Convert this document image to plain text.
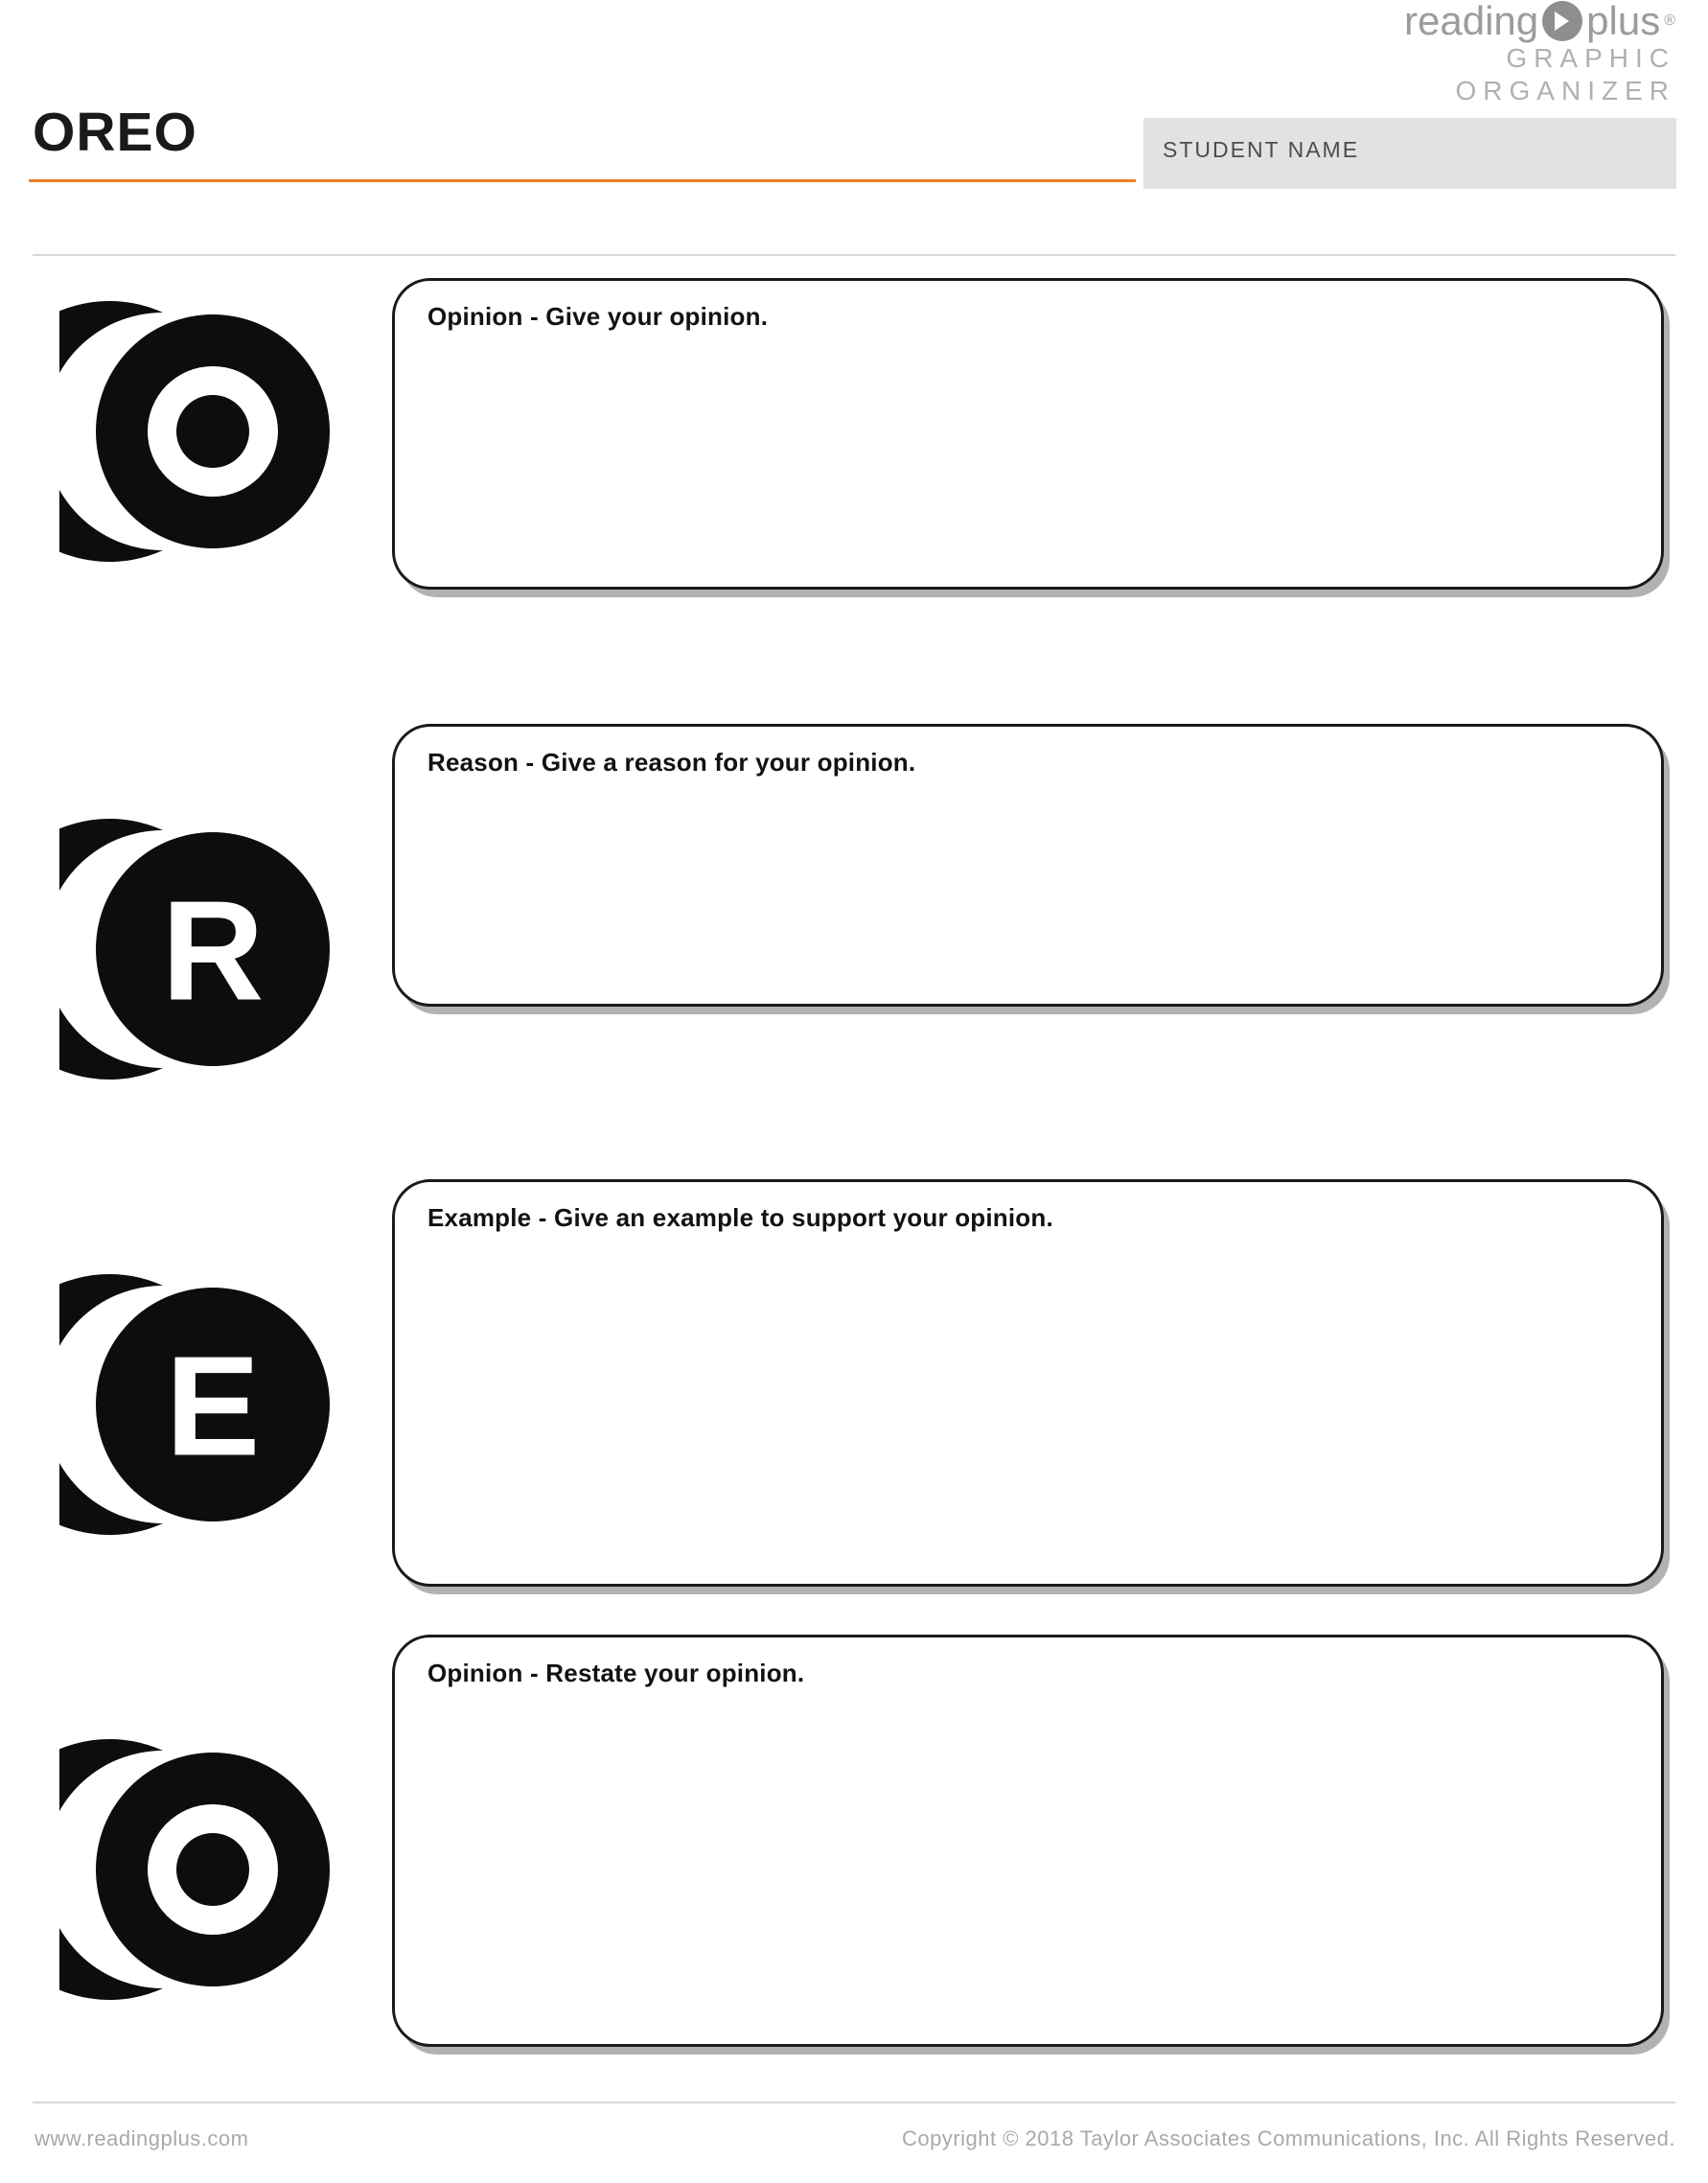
reading plus ®
GRAPHIC
ORGANIZER
OREO	STUDENT NAME
Opinion - Give your opinion.
R
Reason - Give a reason for your opinion.
E
Example - Give an example to support your opinion.
Opinion - Restate your opinion.
www.readingplus.com	Copyright © 2018 Taylor Associates Communications, Inc. All Rights Reserved.
